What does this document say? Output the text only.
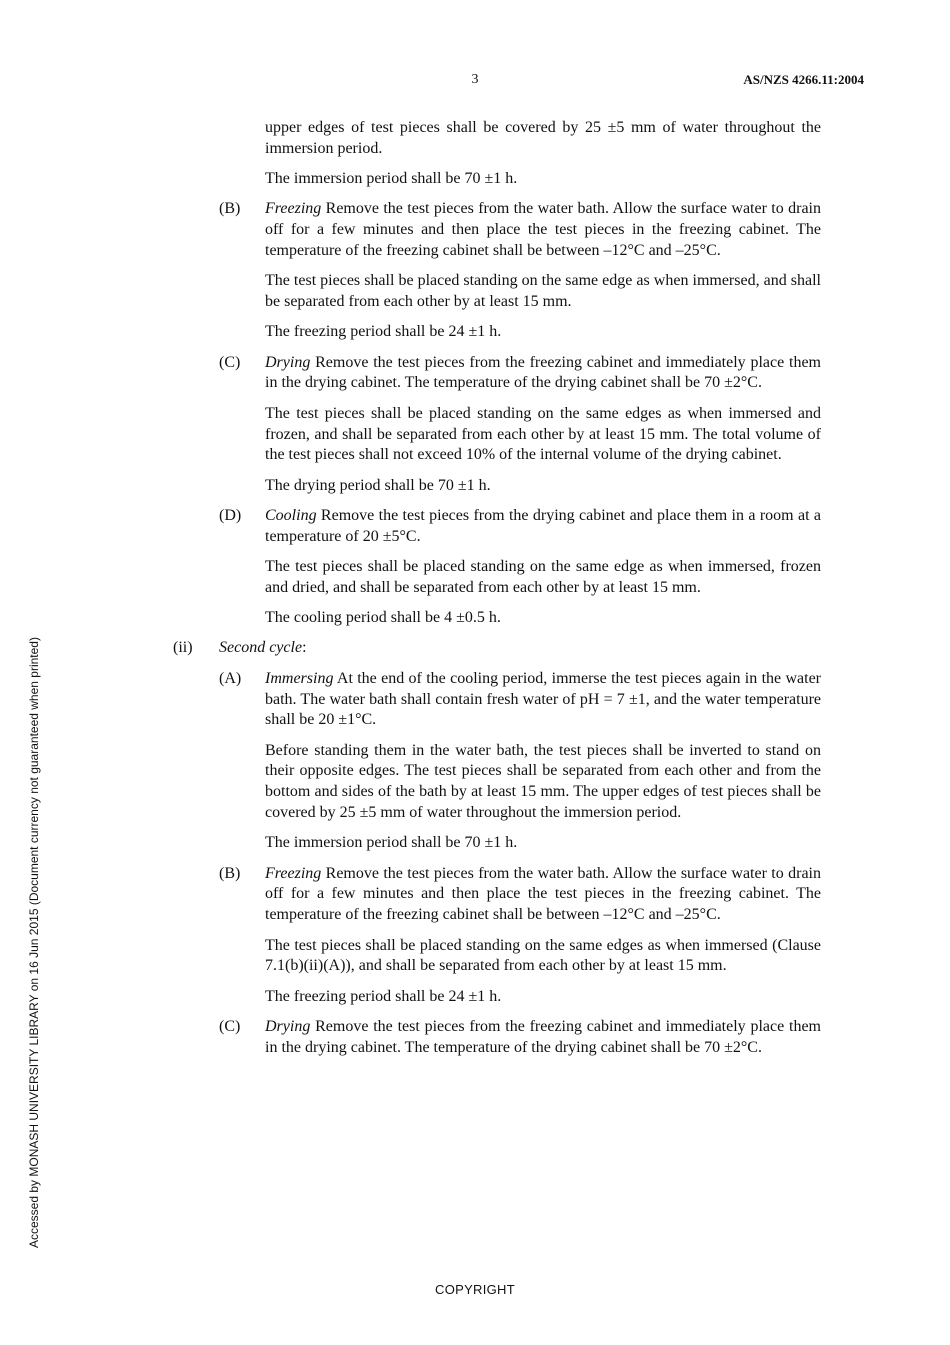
3	AS/NZS 4266.11:2004
Accessed by MONASH UNIVERSITY LIBRARY on 16 Jun 2015 (Document currency not guaranteed when printed)

upper edges of test pieces shall be covered by 25 ±5 mm of water throughout the immersion period.

The immersion period shall be 70 ±1 h.

(B) Freezing Remove the test pieces from the water bath. Allow the surface water to drain off for a few minutes and then place the test pieces in the freezing cabinet. The temperature of the freezing cabinet shall be between –12°C and –25°C.

The test pieces shall be placed standing on the same edge as when immersed, and shall be separated from each other by at least 15 mm.

The freezing period shall be 24 ±1 h.

(C) Drying Remove the test pieces from the freezing cabinet and immediately place them in the drying cabinet. The temperature of the drying cabinet shall be 70 ±2°C.

The test pieces shall be placed standing on the same edges as when immersed and frozen, and shall be separated from each other by at least 15 mm. The total volume of the test pieces shall not exceed 10% of the internal volume of the drying cabinet.

The drying period shall be 70 ±1 h.

(D) Cooling Remove the test pieces from the drying cabinet and place them in a room at a temperature of 20 ±5°C.

The test pieces shall be placed standing on the same edge as when immersed, frozen and dried, and shall be separated from each other by at least 15 mm.

The cooling period shall be 4 ±0.5 h.

(ii) Second cycle:
(A) Immersing At the end of the cooling period, immerse the test pieces again in the water bath. The water bath shall contain fresh water of pH = 7 ±1, and the water temperature shall be 20 ±1°C.

Before standing them in the water bath, the test pieces shall be inverted to stand on their opposite edges. The test pieces shall be separated from each other and from the bottom and sides of the bath by at least 15 mm. The upper edges of test pieces shall be covered by 25 ±5 mm of water throughout the immersion period.

The immersion period shall be 70 ±1 h.

(B) Freezing Remove the test pieces from the water bath. Allow the surface water to drain off for a few minutes and then place the test pieces in the freezing cabinet. The temperature of the freezing cabinet shall be between –12°C and –25°C.

The test pieces shall be placed standing on the same edges as when immersed (Clause 7.1(b)(ii)(A)), and shall be separated from each other by at least 15 mm.

The freezing period shall be 24 ±1 h.

(C) Drying Remove the test pieces from the freezing cabinet and immediately place them in the drying cabinet. The temperature of the drying cabinet shall be 70 ±2°C.
COPYRIGHT
